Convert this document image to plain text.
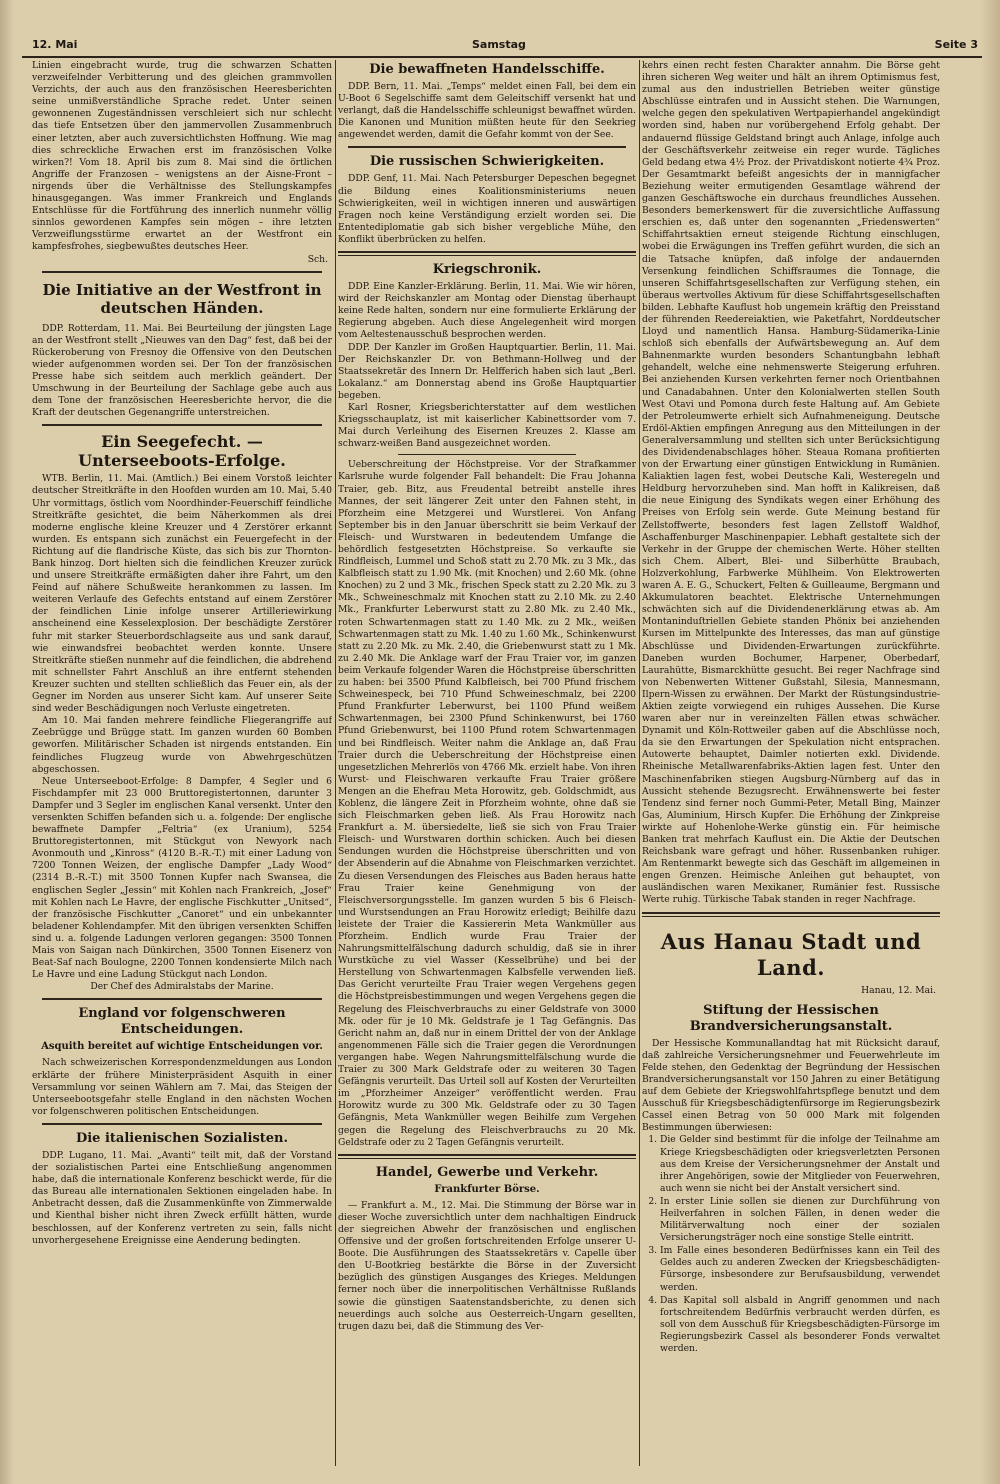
12. Mai	Samstag	Seite 3

Linien eingebracht wurde, trug die schwarzen Schatten verzweifelnder Verbitterung und des gleichen grammvollen Verzichts, der auch aus den französischen Heeresberichten seine unmißverständliche Sprache redet. Unter seinen gewonnenen Zugeständnissen verschleiert sich nur schlecht das tiefe Entsetzen über den jammervollen Zusammenbruch einer letzten, aber auch zuversichtlichsten Hoffnung. Wie mag dies schreckliche Erwachen erst im französischen Volke wirken?! Vom 18. April bis zum 8. Mai sind die örtlichen Angriffe der Franzosen – wenigstens an der Aisne-Front – nirgends über die Verhältnisse des Stellungskampfes hinausgegangen. Was immer Frankreich und Englands Entschlüsse für die Fortführung des innerlich nunmehr völlig sinnlos gewordenen Kampfes sein mögen – ihre letzten Verzweiflungsstürme erwartet an der Westfront ein kampfesfrohes, siegbewußtes deutsches Heer.

Sch.

Die Initiative an der Westfront in deutschen Händen.

DDP. Rotterdam, 11. Mai. Bei Beurteilung der jüngsten Lage an der Westfront stellt „Nieuwes van den Dag“ fest, daß bei der Rückeroberung von Fresnoy die Offensive von den Deutschen wieder aufgenommen worden sei. Der Ton der französischen Presse habe sich seitdem auch merklich geändert. Der Umschwung in der Beurteilung der Sachlage gebe auch aus dem Tone der französischen Heeresberichte hervor, die die Kraft der deutschen Gegenangriffe unterstreichen.

Ein Seegefecht. — Unterseeboots-Erfolge.

WTB. Berlin, 11. Mai. (Amtlich.) Bei einem Vorstoß leichter deutscher Streitkräfte in den Hoofden wurden am 10. Mai, 5.40 Uhr vormittags, östlich vom Noordhinder-Feuerschiff feindliche Streitkräfte gesichtet, die beim Näherkommen als drei moderne englische kleine Kreuzer und 4 Zerstörer erkannt wurden. Es entspann sich zunächst ein Feuergefecht in der Richtung auf die flandrische Küste, das sich bis zur Thornton-Bank hinzog. Dort hielten sich die feindlichen Kreuzer zurück und unsere Streitkräfte ermäßigten daher ihre Fahrt, um den Feind auf nähere Schußweite herankommen zu lassen. Im weiteren Verlaufe des Gefechts entstand auf einem Zerstörer der feindlichen Linie infolge unserer Artilleriewirkung anscheinend eine Kesselexplosion. Der beschädigte Zerstörer fuhr mit starker Steuerbordschlagseite aus und sank darauf, wie einwandsfrei beobachtet werden konnte. Unsere Streitkräfte stießen nunmehr auf die feindlichen, die abdrehend mit schnellster Fahrt Anschluß an ihre entfernt stehenden Kreuzer suchten und stellten schließlich das Feuer ein, als der Gegner im Norden aus unserer Sicht kam. Auf unserer Seite sind weder Beschädigungen noch Verluste eingetreten.

Am 10. Mai fanden mehrere feindliche Fliegerangriffe auf Zeebrügge und Brügge statt. Im ganzen wurden 60 Bomben geworfen. Militärischer Schaden ist nirgends entstanden. Ein feindliches Flugzeug wurde von Abwehrgeschützen abgeschossen.

Neue Unterseeboot-Erfolge: 8 Dampfer, 4 Segler und 6 Fischdampfer mit 23 000 Bruttoregistertonnen, darunter 3 Dampfer und 3 Segler im englischen Kanal versenkt. Unter den versenkten Schiffen befanden sich u. a. folgende: Der englische bewaffnete Dampfer „Feltria“ (ex Uranium), 5254 Bruttoregistertonnen, mit Stückgut von Newyork nach Avonmouth und „Kinross“ (4120 B.-R.-T.) mit einer Ladung von 7200 Tonnen Weizen, der englische Dampfer „Lady Wood“ (2314 B.-R.-T.) mit 3500 Tonnen Kupfer nach Swansea, die englischen Segler „Jessin“ mit Kohlen nach Frankreich, „Josef“ mit Kohlen nach Le Havre, der englische Fischkutter „Unitsed“, der französische Fischkutter „Canoret“ und ein unbekannter beladener Kohlendampfer. Mit den übrigen versenkten Schiffen sind u. a. folgende Ladungen verloren gegangen: 3500 Tonnen Mais von Saigan nach Dünkirchen, 3500 Tonnen Eisenerz von Beat-Saf nach Boulogne, 2200 Tonnen kondensierte Milch nach Le Havre und eine Ladung Stückgut nach London.

Der Chef des Admiralstabs der Marine.

England vor folgenschweren Entscheidungen.
Asquith bereitet auf wichtige Entscheidungen vor.

Nach schweizerischen Korrespondenzmeldungen aus London erklärte der frühere Ministerpräsident Asquith in einer Versammlung vor seinen Wählern am 7. Mai, das Steigen der Unterseebootsgefahr stelle England in den nächsten Wochen vor folgenschweren politischen Entscheidungen.

Die italienischen Sozialisten.

DDP. Lugano, 11. Mai. „Avanti“ teilt mit, daß der Vorstand der sozialistischen Partei eine Entschließung angenommen habe, daß die internationale Konferenz beschickt werde, für die das Bureau alle internationalen Sektionen eingeladen habe. In Anbetracht dessen, daß die Zusammenkünfte von Zimmerwalde und Kienthal bisher nicht ihren Zweck erfüllt hätten, wurde beschlossen, auf der Konferenz vertreten zu sein, falls nicht unvorhergesehene Ereignisse eine Aenderung bedingten.

Die bewaffneten Handelsschiffe.

DDP. Bern, 11. Mai. „Temps“ meldet einen Fall, bei dem ein U-Boot 6 Segelschiffe samt dem Geleitschiff versenkt hat und verlangt, daß die Handelsschiffe schleunigst bewaffnet würden. Die Kanonen und Munition müßten heute für den Seekrieg angewendet werden, damit die Gefahr kommt von der See.

Die russischen Schwierigkeiten.

DDP. Genf, 11. Mai. Nach Petersburger Depeschen begegnet die Bildung eines Koalitionsministeriums neuen Schwierigkeiten, weil in wichtigen inneren und auswärtigen Fragen noch keine Verständigung erzielt worden sei. Die Ententediplomatie gab sich bisher vergebliche Mühe, den Konflikt überbrücken zu helfen.

Kriegschronik.

DDP. Eine Kanzler-Erklärung. Berlin, 11. Mai. Wie wir hören, wird der Reichskanzler am Montag oder Dienstag überhaupt keine Rede halten, sondern nur eine formulierte Erklärung der Regierung abgeben. Auch diese Angelegenheit wird morgen vom Aeltestenausschuß besprochen werden.

DDP. Der Kanzler im Großen Hauptquartier. Berlin, 11. Mai. Der Reichskanzler Dr. von Bethmann-Hollweg und der Staatssekretär des Innern Dr. Helfferich haben sich laut „Berl. Lokalanz.“ am Donnerstag abend ins Große Hauptquartier begeben.

Karl Rosner, Kriegsberichterstatter auf dem westlichen Kriegsschauplatz, ist mit kaiserlicher Kabinettsorder vom 7. Mai durch Verleihung des Eisernen Kreuzes 2. Klasse am schwarz-weißen Band ausgezeichnet worden.

Ueberschreitung der Höchstpreise. Vor der Strafkammer Karlsruhe wurde folgender Fall behandelt: Die Frau Johanna Traier, geb. Bitz, aus Freudental betreibt anstelle ihres Mannes, der seit längerer Zeit unter den Fahnen steht, in Pforzheim eine Metzgerei und Wurstlerei. Von Anfang September bis in den Januar überschritt sie beim Verkauf der Fleisch- und Wurstwaren in bedeutendem Umfange die behördlich festgesetzten Höchstpreise. So verkaufte sie Rindfleisch, Lummel und Schoß statt zu 2.70 Mk. zu 3 Mk., das Kalbfleisch statt zu 1.90 Mk. (mit Knochen) und 2.60 Mk. (ohne Knochen) zu 2 und 3 Mk., frischen Speck statt zu 2.20 Mk. zu 3 Mk., Schweineschmalz mit Knochen statt zu 2.10 Mk. zu 2.40 Mk., Frankfurter Leberwurst statt zu 2.80 Mk. zu 2.40 Mk., roten Schwartenmagen statt zu 1.40 Mk. zu 2 Mk., weißen Schwartenmagen statt zu Mk. 1.40 zu 1.60 Mk., Schinkenwurst statt zu 2.20 Mk. zu Mk. 2.40, die Griebenwurst statt zu 1 Mk. zu 2.40 Mk. Die Anklage warf der Frau Traier vor, im ganzen beim Verkaufe folgender Waren die Höchstpreise überschritten zu haben: bei 3500 Pfund Kalbfleisch, bei 700 Pfund frischem Schweinespeck, bei 710 Pfund Schweineschmalz, bei 2200 Pfund Frankfurter Leberwurst, bei 1100 Pfund weißem Schwartenmagen, bei 2300 Pfund Schinkenwurst, bei 1760 Pfund Griebenwurst, bei 1100 Pfund rotem Schwartenmagen und bei Rindfleisch. Weiter nahm die Anklage an, daß Frau Traier durch die Ueberschreitung der Höchstpreise einen ungesetzlichen Mehrerlös von 4766 Mk. erzielt habe. Von ihren Wurst- und Fleischwaren verkaufte Frau Traier größere Mengen an die Ehefrau Meta Horowitz, geb. Goldschmidt, aus Koblenz, die längere Zeit in Pforzheim wohnte, ohne daß sie sich Fleischmarken geben ließ. Als Frau Horowitz nach Frankfurt a. M. übersiedelte, ließ sie sich von Frau Traier Fleisch- und Wurstwaren dorthin schicken. Auch bei diesen Sendungen wurden die Höchstpreise überschritten und von der Absenderin auf die Abnahme von Fleischmarken verzichtet. Zu diesen Versendungen des Fleisches aus Baden heraus hatte Frau Traier keine Genehmigung von der Fleischversorgungsstelle. Im ganzen wurden 5 bis 6 Fleisch- und Wurstsendungen an Frau Horowitz erledigt; Beihilfe dazu leistete der Traier die Kassiererin Meta Wankmüller aus Pforzheim. Endlich wurde Frau Traier der Nahrungsmittelfälschung dadurch schuldig, daß sie in ihrer Wurstküche zu viel Wasser (Kesselbrühe) und bei der Herstellung von Schwartenmagen Kalbsfelle verwenden ließ. Das Gericht verurteilte Frau Traier wegen Vergehens gegen die Höchstpreisbestimmungen und wegen Vergehens gegen die Regelung des Fleischverbrauchs zu einer Geldstrafe von 3000 Mk. oder für je 10 Mk. Geldstrafe je 1 Tag Gefängnis. Das Gericht nahm an, daß nur in einem Drittel der von der Anklage angenommenen Fälle sich die Traier gegen die Verordnungen vergangen habe. Wegen Nahrungsmittelfälschung wurde die Traier zu 300 Mark Geldstrafe oder zu weiteren 30 Tagen Gefängnis verurteilt. Das Urteil soll auf Kosten der Verurteilten im „Pforzheimer Anzeiger“ veröffentlicht werden. Frau Horowitz wurde zu 300 Mk. Geldstrafe oder zu 30 Tagen Gefängnis, Meta Wankmüller wegen Beihilfe zum Vergehen gegen die Regelung des Fleischverbrauchs zu 20 Mk. Geldstrafe oder zu 2 Tagen Gefängnis verurteilt.

Handel, Gewerbe und Verkehr.
Frankfurter Börse.

— Frankfurt a. M., 12. Mai. Die Stimmung der Börse war in dieser Woche zuversichtlich unter dem nachhaltigen Eindruck der siegreichen Abwehr der französischen und englischen Offensive und der großen fortschreitenden Erfolge unserer U-Boote. Die Ausführungen des Staatssekretärs v. Capelle über den U-Bootkrieg bestärkte die Börse in der Zuversicht bezüglich des günstigen Ausganges des Krieges. Meldungen ferner noch über die innerpolitischen Verhältnisse Rußlands sowie die günstigen Saatenstandsberichte, zu denen sich neuerdings auch solche aus Oesterreich-Ungarn gesellten, trugen dazu bei, daß die Stimmung des Ver-

kehrs einen recht festen Charakter annahm. Die Börse geht ihren sicheren Weg weiter und hält an ihrem Optimismus fest, zumal aus den industriellen Betrieben weiter günstige Abschlüsse eintrafen und in Aussicht stehen. Die Warnungen, welche gegen den spekulativen Wertpapierhandel angekündigt worden sind, haben nur vorübergehend Erfolg gehabt. Der andauernd flüssige Geldstand bringt auch Anlage, infolge auch der Geschäftsverkehr zeitweise ein reger wurde. Tägliches Geld bedang etwa 4½ Proz. der Privatdiskont notierte 4¾ Proz. Der Gesamtmarkt befeißt angesichts der in mannigfacher Beziehung weiter ermutigenden Gesamtlage während der ganzen Geschäftswoche ein durchaus freundliches Aussehen. Besonders bemerkenswert für die zuversichtliche Auffassung erschien es, daß unter den sogenannten „Friedenswerten“ Schiffahrtsaktien erneut steigende Richtung einschlugen, wobei die Erwägungen ins Treffen geführt wurden, die sich an die Tatsache knüpfen, daß infolge der andauernden Versenkung feindlichen Schiffsraumes die Tonnage, die unseren Schiffahrtsgesellschaften zur Verfügung stehen, ein überaus wertvolles Aktivum für diese Schiffahrtsgesellschaften bilden. Lebhafte Kauflust hob ungemein kräftig den Preisstand der führenden Reedereiaktien, wie Paketfahrt, Norddeutscher Lloyd und namentlich Hansa. Hamburg-Südamerika-Linie schloß sich ebenfalls der Aufwärtsbewegung an. Auf dem Bahnenmarkte wurden besonders Schantungbahn lebhaft gehandelt, welche eine nehmenswerte Steigerung erfuhren. Bei anziehenden Kursen verkehrten ferner noch Orientbahnen und Canadabahnen. Unter den Kolonialwerten stellen South West Otavi und Pomona durch feste Haltung auf. Am Gebiete der Petroleumwerte erhielt sich Aufnahmeneigung. Deutsche Erdöl-Aktien empfingen Anregung aus den Mitteilungen in der Generalversammlung und stellten sich unter Berücksichtigung des Dividendenabschlages höher. Steaua Romana profitierten von der Erwartung einer günstigen Entwicklung in Rumänien. Kaliaktien lagen fest, wobei Deutsche Kali, Westeregeln und Heldburg hervorzuheben sind. Man hofft in Kalikreisen, daß die neue Einigung des Syndikats wegen einer Erhöhung des Preises von Erfolg sein werde. Gute Meinung bestand für Zellstoffwerte, besonders fest lagen Zellstoff Waldhof, Aschaffenburger Maschinenpapier. Lebhaft gestaltete sich der Verkehr in der Gruppe der chemischen Werte. Höher stellten sich Chem. Albert, Blei- und Silberhütte Braubach, Holzverkohlung, Farbwerke Mühlheim. Von Elektrowerten waren A. E. G., Schuckert, Felten & Guilleaume, Bergmann und Akkumulatoren beachtet. Elektrische Unternehmungen schwächten sich auf die Dividendenerklärung etwas ab. Am Montaninduſtriellen Gebiete standen Phönix bei anziehenden Kursen im Mittelpunkte des Interesses, das man auf günstige Abschlüsse und Dividenden-Erwartungen zurückführte. Daneben wurden Bochumer, Harpener, Oberbedarf, Laurahütte, Bismarckhütte gesucht. Bei reger Nachfrage sind von Nebenwerten Wittener Gußstahl, Silesia, Mannesmann, Ilpern-Wissen zu erwähnen. Der Markt der Rüstungsindustrie-Aktien zeigte vorwiegend ein ruhiges Aussehen. Die Kurse waren aber nur in vereinzelten Fällen etwas schwächer. Dynamit und Köln-Rottweiler gaben auf die Abschlüsse noch, da sie den Erwartungen der Spekulation nicht entsprachen. Autowerte behauptet, Daimler notierten exkl. Dividende. Rheinische Metallwarenfabriks-Aktien lagen fest. Unter den Maschinenfabriken stiegen Augsburg-Nürnberg auf das in Aussicht stehende Bezugsrecht. Erwähnenswerte bei fester Tendenz sind ferner noch Gummi-Peter, Metall Bing, Mainzer Gas, Aluminium, Hirsch Kupfer. Die Erhöhung der Zinkpreise wirkte auf Hohenlohe-Werke günstig ein. Für heimische Banken trat mehrfach Kauflust ein. Die Aktie der Deutschen Reichsbank ware gefragt und höher. Russenbanken ruhiger. Am Rentenmarkt bewegte sich das Geschäft im allgemeinen in engen Grenzen. Heimische Anleihen gut behauptet, von ausländischen waren Mexikaner, Rumänier fest. Russische Werte ruhig. Türkische Tabak standen in reger Nachfrage.

Aus Hanau Stadt und Land.

Hanau, 12. Mai.

Stiftung der Hessischen Brandversicherungsanstalt.

Der Hessische Kommunallandtag hat mit Rücksicht darauf, daß zahlreiche Versicherungsnehmer und Feuerwehrleute im Felde stehen, den Gedenktag der Begründung der Hessischen Brandversicherungsanstalt vor 150 Jahren zu einer Betätigung auf dem Gebiete der Kriegswohlfahrtspflege benutzt und dem Ausschuß für Kriegsbeschädigtenfürsorge im Regierungsbezirk Cassel einen Betrag von 50 000 Mark mit folgenden Bestimmungen überwiesen:

1. Die Gelder sind bestimmt für die infolge der Teilnahme am Kriege Kriegsbeschädigten oder kriegsverletzten Personen aus dem Kreise der Versicherungsnehmer der Anstalt und ihrer Angehörigen, sowie der Mitglieder von Feuerwehren, auch wenn sie nicht bei der Anstalt versichert sind.
2. In erster Linie sollen sie dienen zur Durchführung von Heilverfahren in solchen Fällen, in denen weder die Militärverwaltung noch einer der sozialen Versicherungsträger noch eine sonstige Stelle eintritt.
3. Im Falle eines besonderen Bedürfnisses kann ein Teil des Geldes auch zu anderen Zwecken der Kriegsbeschädigten-Fürsorge, insbesondere zur Berufsausbildung, verwendet werden.
4. Das Kapital soll alsbald in Angriff genommen und nach fortschreitendem Bedürfnis verbraucht werden dürfen, es soll von dem Ausschuß für Kriegsbeschädigten-Fürsorge im Regierungsbezirk Cassel als besonderer Fonds verwaltet werden.
